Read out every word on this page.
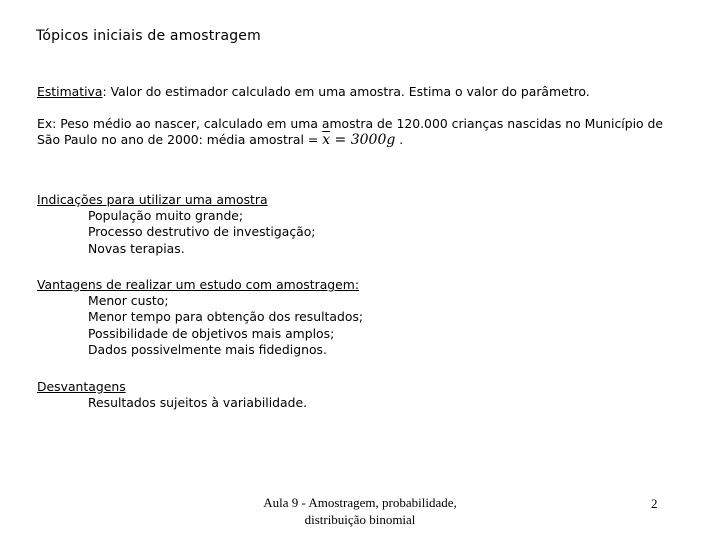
Tópicos iniciais de amostragem
Estimativa: Valor do estimador calculado em uma amostra. Estima o valor do parâmetro.
Ex: Peso médio ao nascer, calculado em uma amostra de 120.000 crianças nascidas no Município de
São Paulo no ano de 2000: média amostral = $\overline{x} = 3000g$ .
Indicações para utilizar uma amostra
População muito grande;
Processo destrutivo de investigação;
Novas terapias.
Vantagens de realizar um estudo com amostragem:
Menor custo;
Menor tempo para obtenção dos resultados;
Possibilidade de objetivos mais amplos;
Dados possivelmente mais fidedignos.
Desvantagens
Resultados sujeitos à variabilidade.
Aula 9 - Amostragem, probabilidade,
distribuição binomial
2
